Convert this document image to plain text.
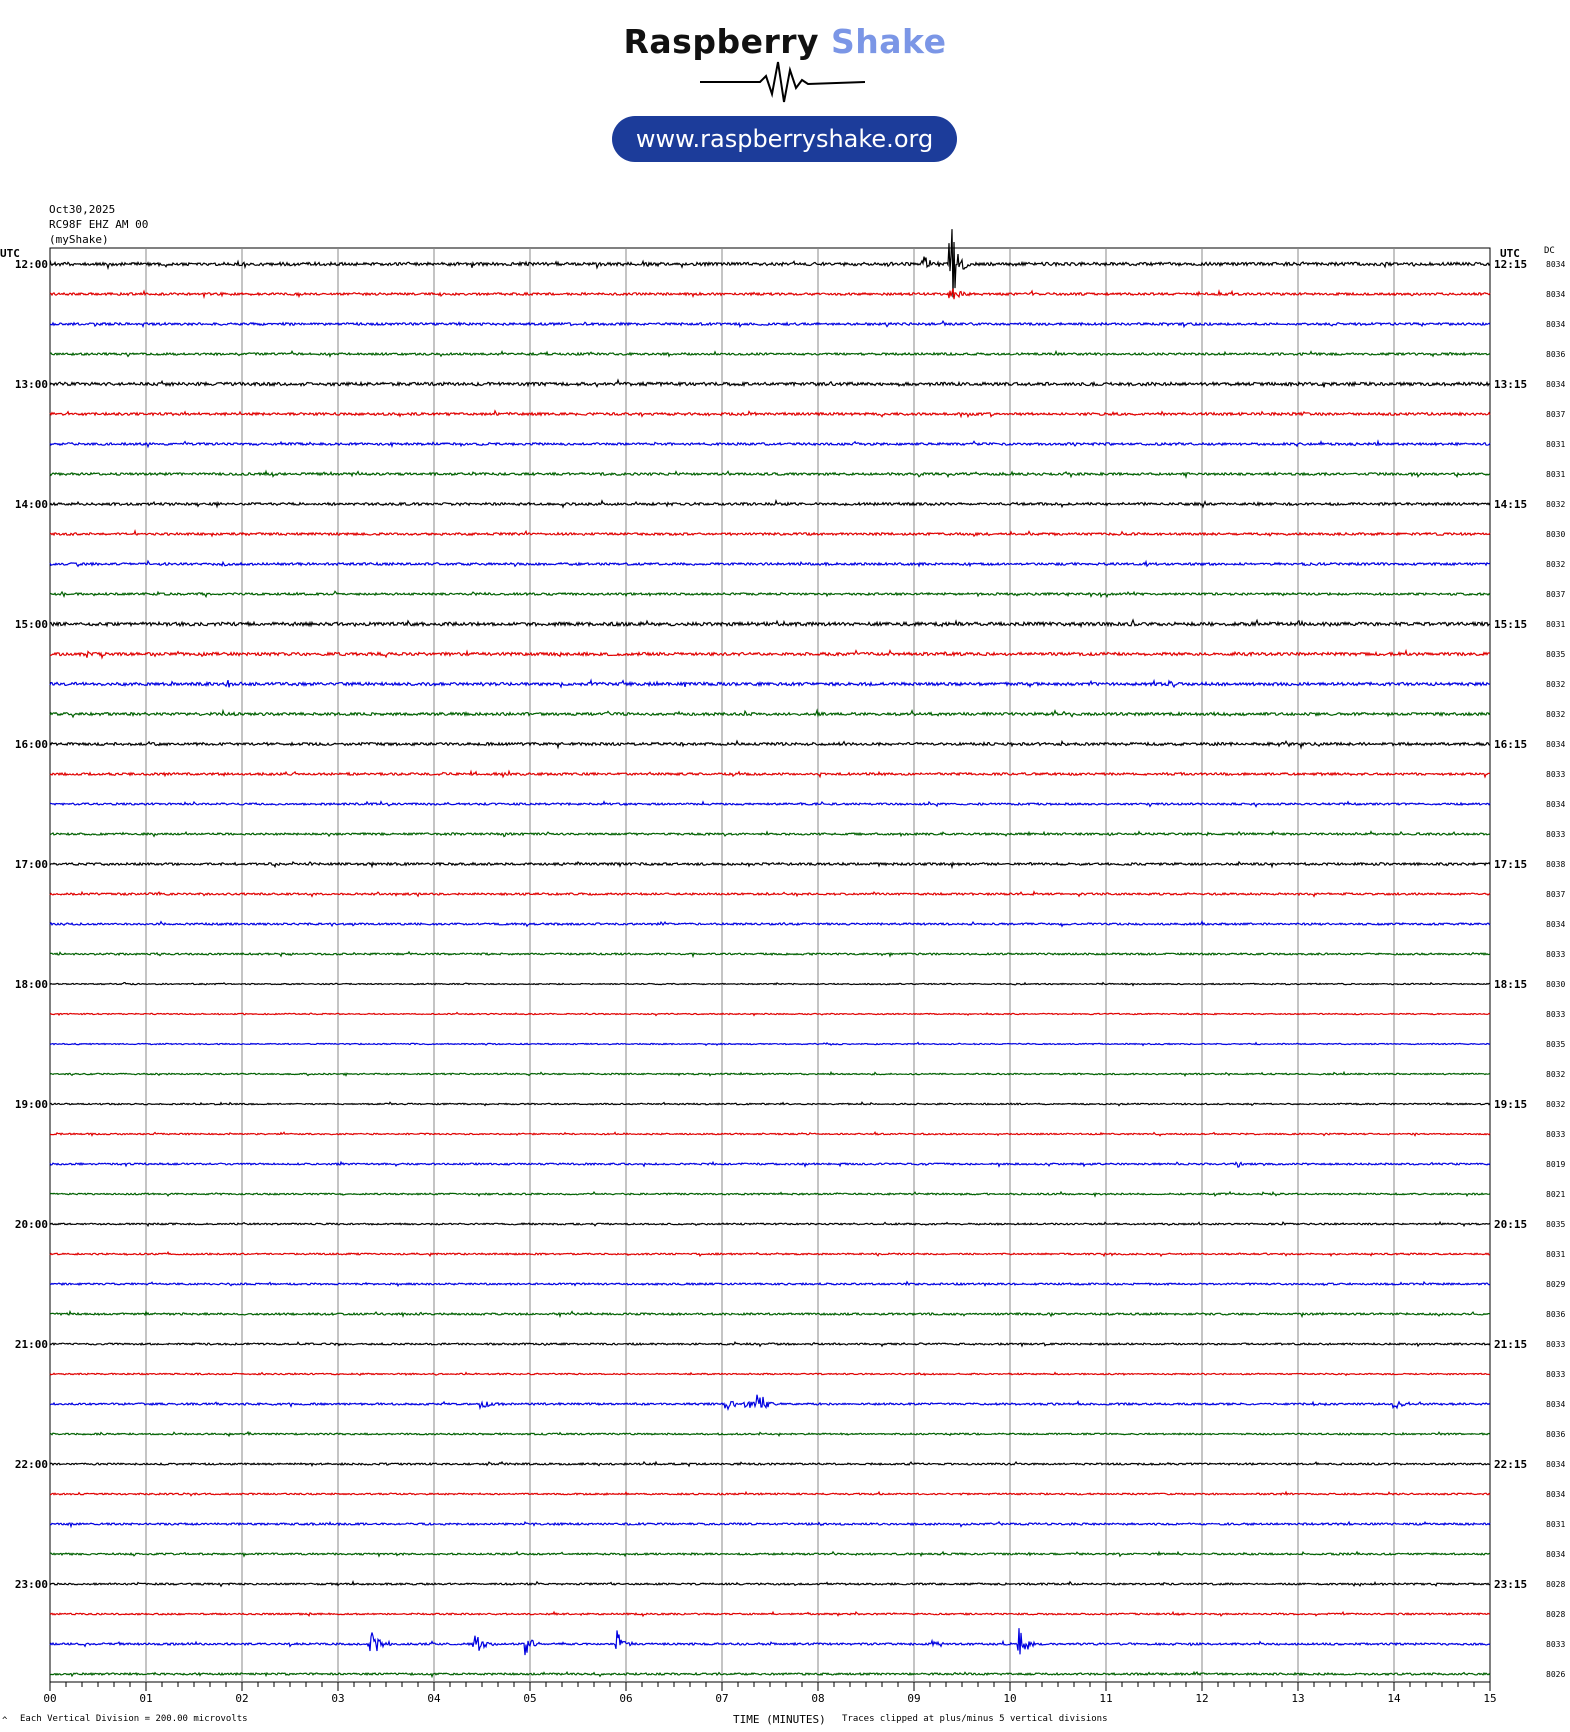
Raspberry Shake
www.raspberryshake.org
Oct30,2025
RC98F EHZ AM 00
(myShake)
UTC	UTC	DC
00	01	02	03	04	05	06	07	08	09	10	11	12	13	14	15
8034
8034
8034
8036
8034
8037
8031
8031
8032
8030
8032
8037
8031
8035
8032
8032
8034
8033
8034
8033
8038
8037
8034
8033
8030
8033
8035
8032
8032
8033
8019
8021
8035
8031
8029
8036
8033
8033
8034
8036
8034
8034
8031
8034
8028
8028
8033
8026
12:00
13:00
14:00
15:00
16:00
17:00
18:00
19:00
20:00
21:00
22:00
23:00
12:15
13:15
14:15
15:15
16:15
17:15
18:15
19:15
20:15
21:15
22:15
23:15
^ Each Vertical Division = 200.00 microvolts	TIME (MINUTES) Traces clipped at plus/minus 5 vertical divisions
